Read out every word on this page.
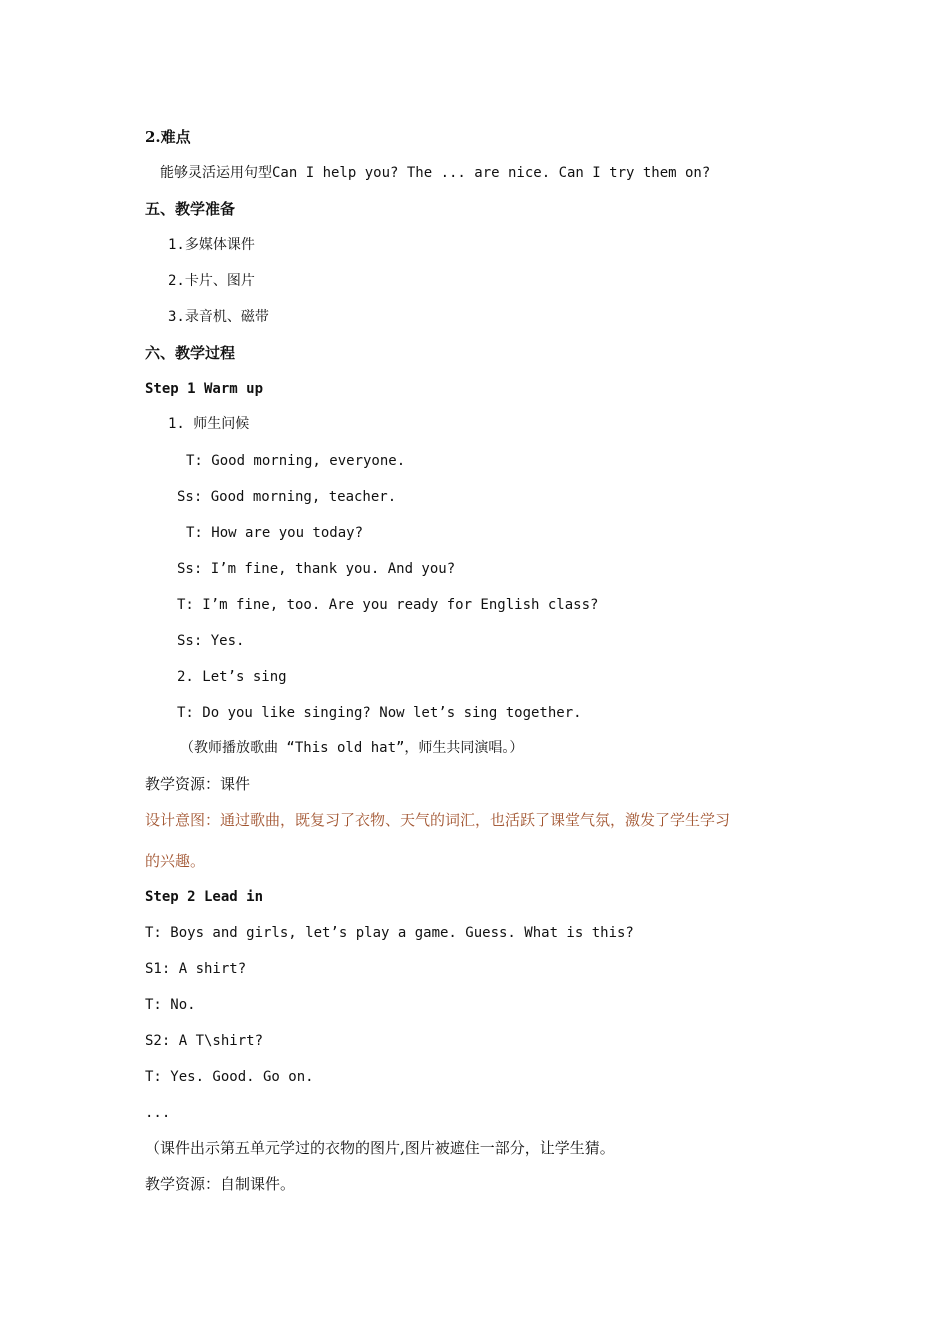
2.难点
能够灵活运用句型Can I help you? The ... are nice. Can I try them on?
五、教学准备
1.多媒体课件
2.卡片、图片
3.录音机、磁带
六、教学过程
Step 1 Warm up
1. 师生问候
T: Good morning, everyone.
Ss: Good morning, teacher.
T: How are you today?
Ss: I’m fine, thank you. And you?
T: I’m fine, too. Are you ready for English class?
Ss: Yes.
2. Let’s sing
T: Do you like singing? Now let’s sing together.
（教师播放歌曲 “This old hat”，师生共同演唱。）
教学资源：课件
设计意图：通过歌曲，既复习了衣物、天气的词汇，也活跃了课堂气氛，激发了学生学习
的兴趣。
Step 2 Lead in
T: Boys and girls, let’s play a game. Guess. What is this?
S1: A shirt?
T: No.
S2: A T\shirt?
T: Yes. Good. Go on.
...
（课件出示第五单元学过的衣物的图片,图片被遮住一部分，让学生猜。
教学资源：自制课件。
